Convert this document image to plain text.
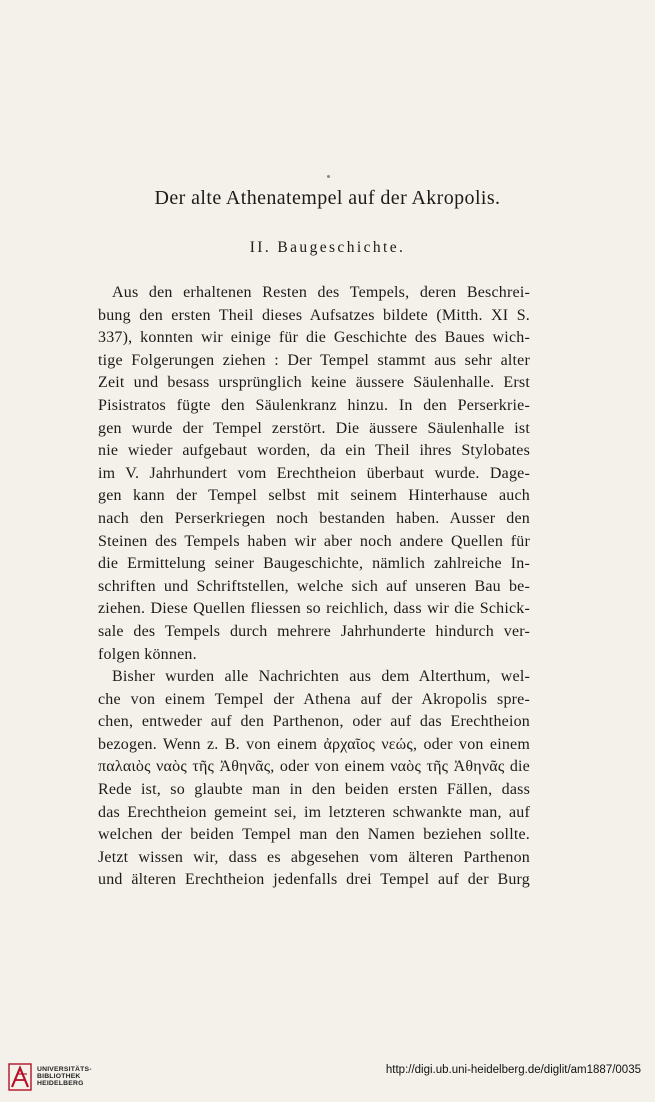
Der alte Athenatempel auf der Akropolis.
II. Baugeschichte.
Aus den erhaltenen Resten des Tempels, deren Beschrei-
bung den ersten Theil dieses Aufsatzes bildete (Mitth. XI S.
337), konnten wir einige für die Geschichte des Baues wich-
tige Folgerungen ziehen : Der Tempel stammt aus sehr alter
Zeit und besass ursprünglich keine äussere Säulenhalle. Erst
Pisistratos fügte den Säulenkranz hinzu. In den Perserkrie-
gen wurde der Tempel zerstört. Die äussere Säulenhalle ist
nie wieder aufgebaut worden, da ein Theil ihres Stylobates
im V. Jahrhundert vom Erechtheion überbaut wurde. Dage-
gen kann der Tempel selbst mit seinem Hinterhause auch
nach den Perserkriegen noch bestanden haben. Ausser den
Steinen des Tempels haben wir aber noch andere Quellen für
die Ermittelung seiner Baugeschichte, nämlich zahlreiche In-
schriften und Schriftstellen, welche sich auf unseren Bau be-
ziehen. Diese Quellen fliessen so reichlich, dass wir die Schick-
sale des Tempels durch mehrere Jahrhunderte hindurch ver-
folgen können.
Bisher wurden alle Nachrichten aus dem Alterthum, wel-
che von einem Tempel der Athena auf der Akropolis spre-
chen, entweder auf den Parthenon, oder auf das Erechtheion
bezogen. Wenn z. B. von einem ἀρχαῖος νεώς, oder von einem
παλαιὸς ναὸς τῆς Ἀθηνᾶς, oder von einem ναὸς τῆς Ἀθηνᾶς die
Rede ist, so glaubte man in den beiden ersten Fällen, dass
das Erechtheion gemeint sei, im letzteren schwankte man, auf
welchen der beiden Tempel man den Namen beziehen sollte.
Jetzt wissen wir, dass es abgesehen vom älteren Parthenon
und älteren Erechtheion jedenfalls drei Tempel auf der Burg
UNIVERSITÄTS-
BIBLIOTHEK
HEIDELBERG
http://digi.ub.uni-heidelberg.de/diglit/am1887/0035
